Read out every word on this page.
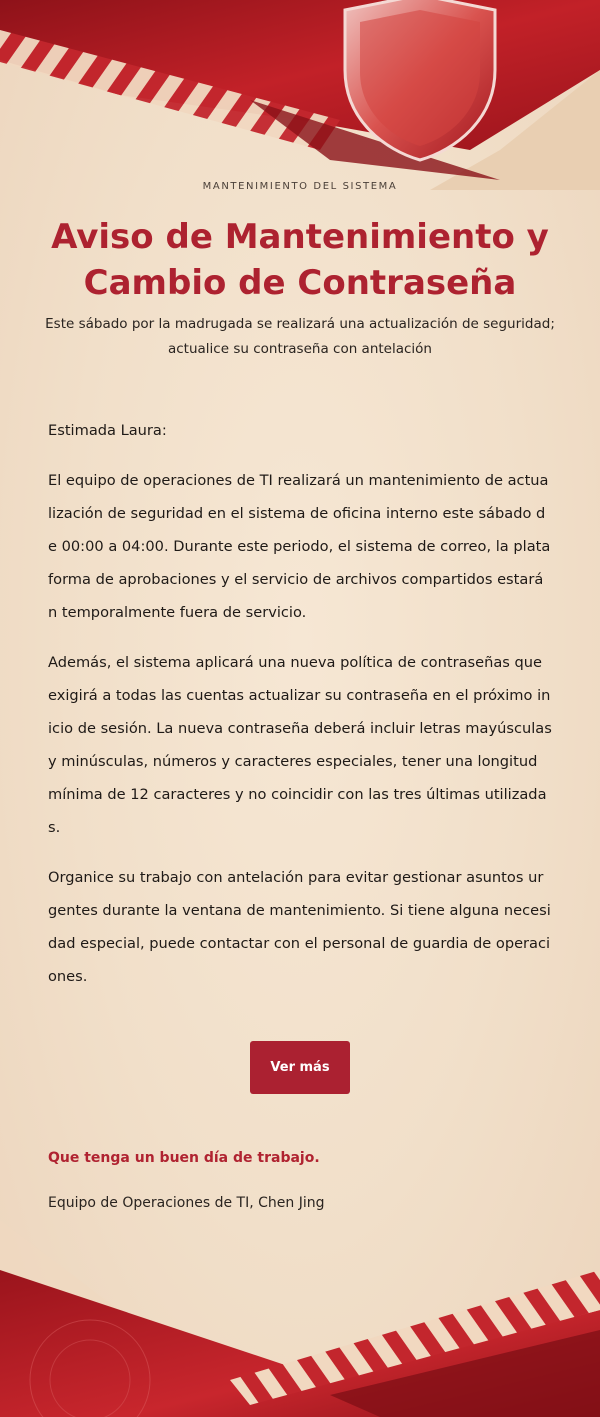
MANTENIMIENTO DEL SISTEMA
Aviso de Mantenimiento y Cambio de Contraseña
Este sábado por la madrugada se realizará una actualización de seguridad; actualice su contraseña con antelación

Estimada Laura:

El equipo de operaciones de TI realizará un mantenimiento de actualización de seguridad en el sistema de oficina interno este sábado de 00:00 a 04:00. Durante este periodo, el sistema de correo, la plataforma de aprobaciones y el servicio de archivos compartidos estarán temporalmente fuera de servicio.

Además, el sistema aplicará una nueva política de contraseñas que exigirá a todas las cuentas actualizar su contraseña en el próximo inicio de sesión. La nueva contraseña deberá incluir letras mayúsculas y minúsculas, números y caracteres especiales, tener una longitud mínima de 12 caracteres y no coincidir con las tres últimas utilizadas.

Organice su trabajo con antelación para evitar gestionar asuntos urgentes durante la ventana de mantenimiento. Si tiene alguna necesidad especial, puede contactar con el personal de guardia de operaciones.

Ver más
Que tenga un buen día de trabajo.
Equipo de Operaciones de TI, Chen Jing
